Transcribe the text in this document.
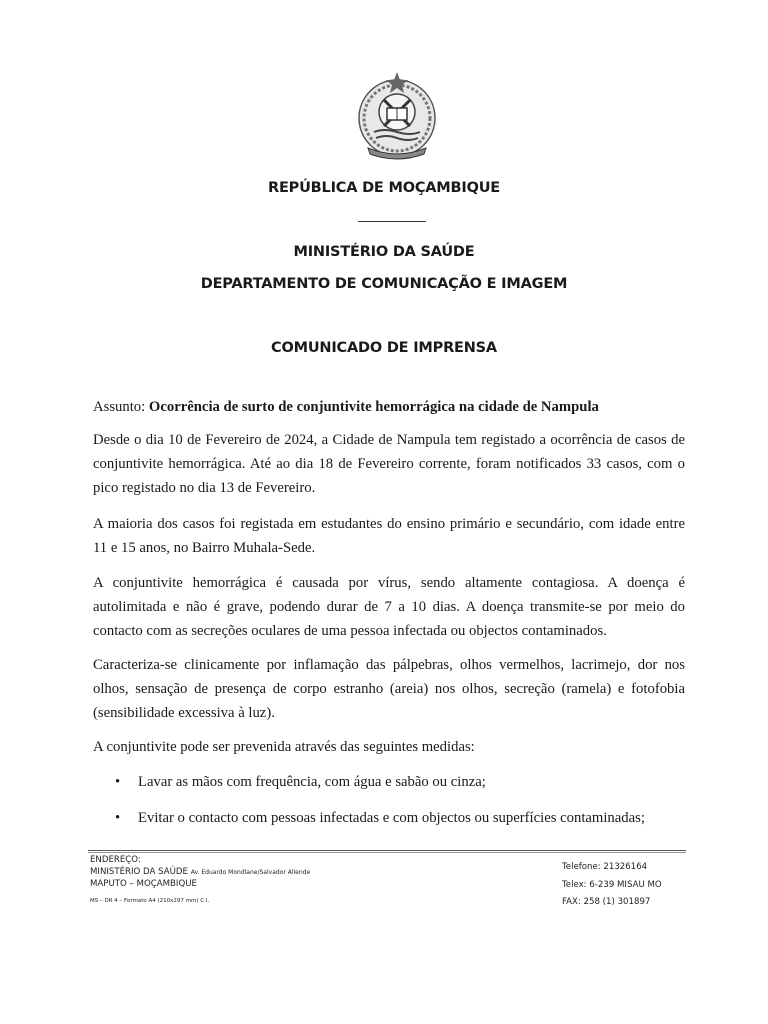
REPÚBLICA DE MOÇAMBIQUE
MINISTÉRIO DA SAÚDE
DEPARTAMENTO DE COMUNICAÇÃO E IMAGEM
COMUNICADO DE IMPRENSA
Assunto: Ocorrência de surto de conjuntivite hemorrágica na cidade de Nampula
Desde o dia 10 de Fevereiro de 2024, a Cidade de Nampula tem registado a ocorrência de casos de conjuntivite hemorrágica. Até ao dia 18 de Fevereiro corrente, foram notificados 33 casos, com o pico registado no dia 13 de Fevereiro.
A maioria dos casos foi registada em estudantes do ensino primário e secundário, com idade entre 11 e 15 anos, no Bairro Muhala-Sede.
A conjuntivite hemorrágica é causada por vírus, sendo altamente contagiosa. A doença é autolimitada e não é grave, podendo durar de 7 a 10 dias. A doença transmite-se por meio do contacto com as secreções oculares de uma pessoa infectada ou objectos contaminados.
Caracteriza-se clinicamente por inflamação das pálpebras, olhos vermelhos, lacrimejo, dor nos olhos, sensação de presença de corpo estranho (areia) nos olhos, secreção (ramela) e fotofobia (sensibilidade excessiva à luz).
A conjuntivite pode ser prevenida através das seguintes medidas:
• Lavar as mãos com frequência, com água e sabão ou cinza;
• Evitar o contacto com pessoas infectadas e com objectos ou superfícies contaminadas;
ENDEREÇO:
MINISTÉRIO DA SAÚDE Av. Eduardo Mondlane/Salvador Allende
MAPUTO – MOÇAMBIQUE
MS – DR 4 – Formato A4 (210x297 mm) C.I.
Telefone: 21326164
Telex: 6-239 MISAU MO
FAX: 258 (1) 301897
